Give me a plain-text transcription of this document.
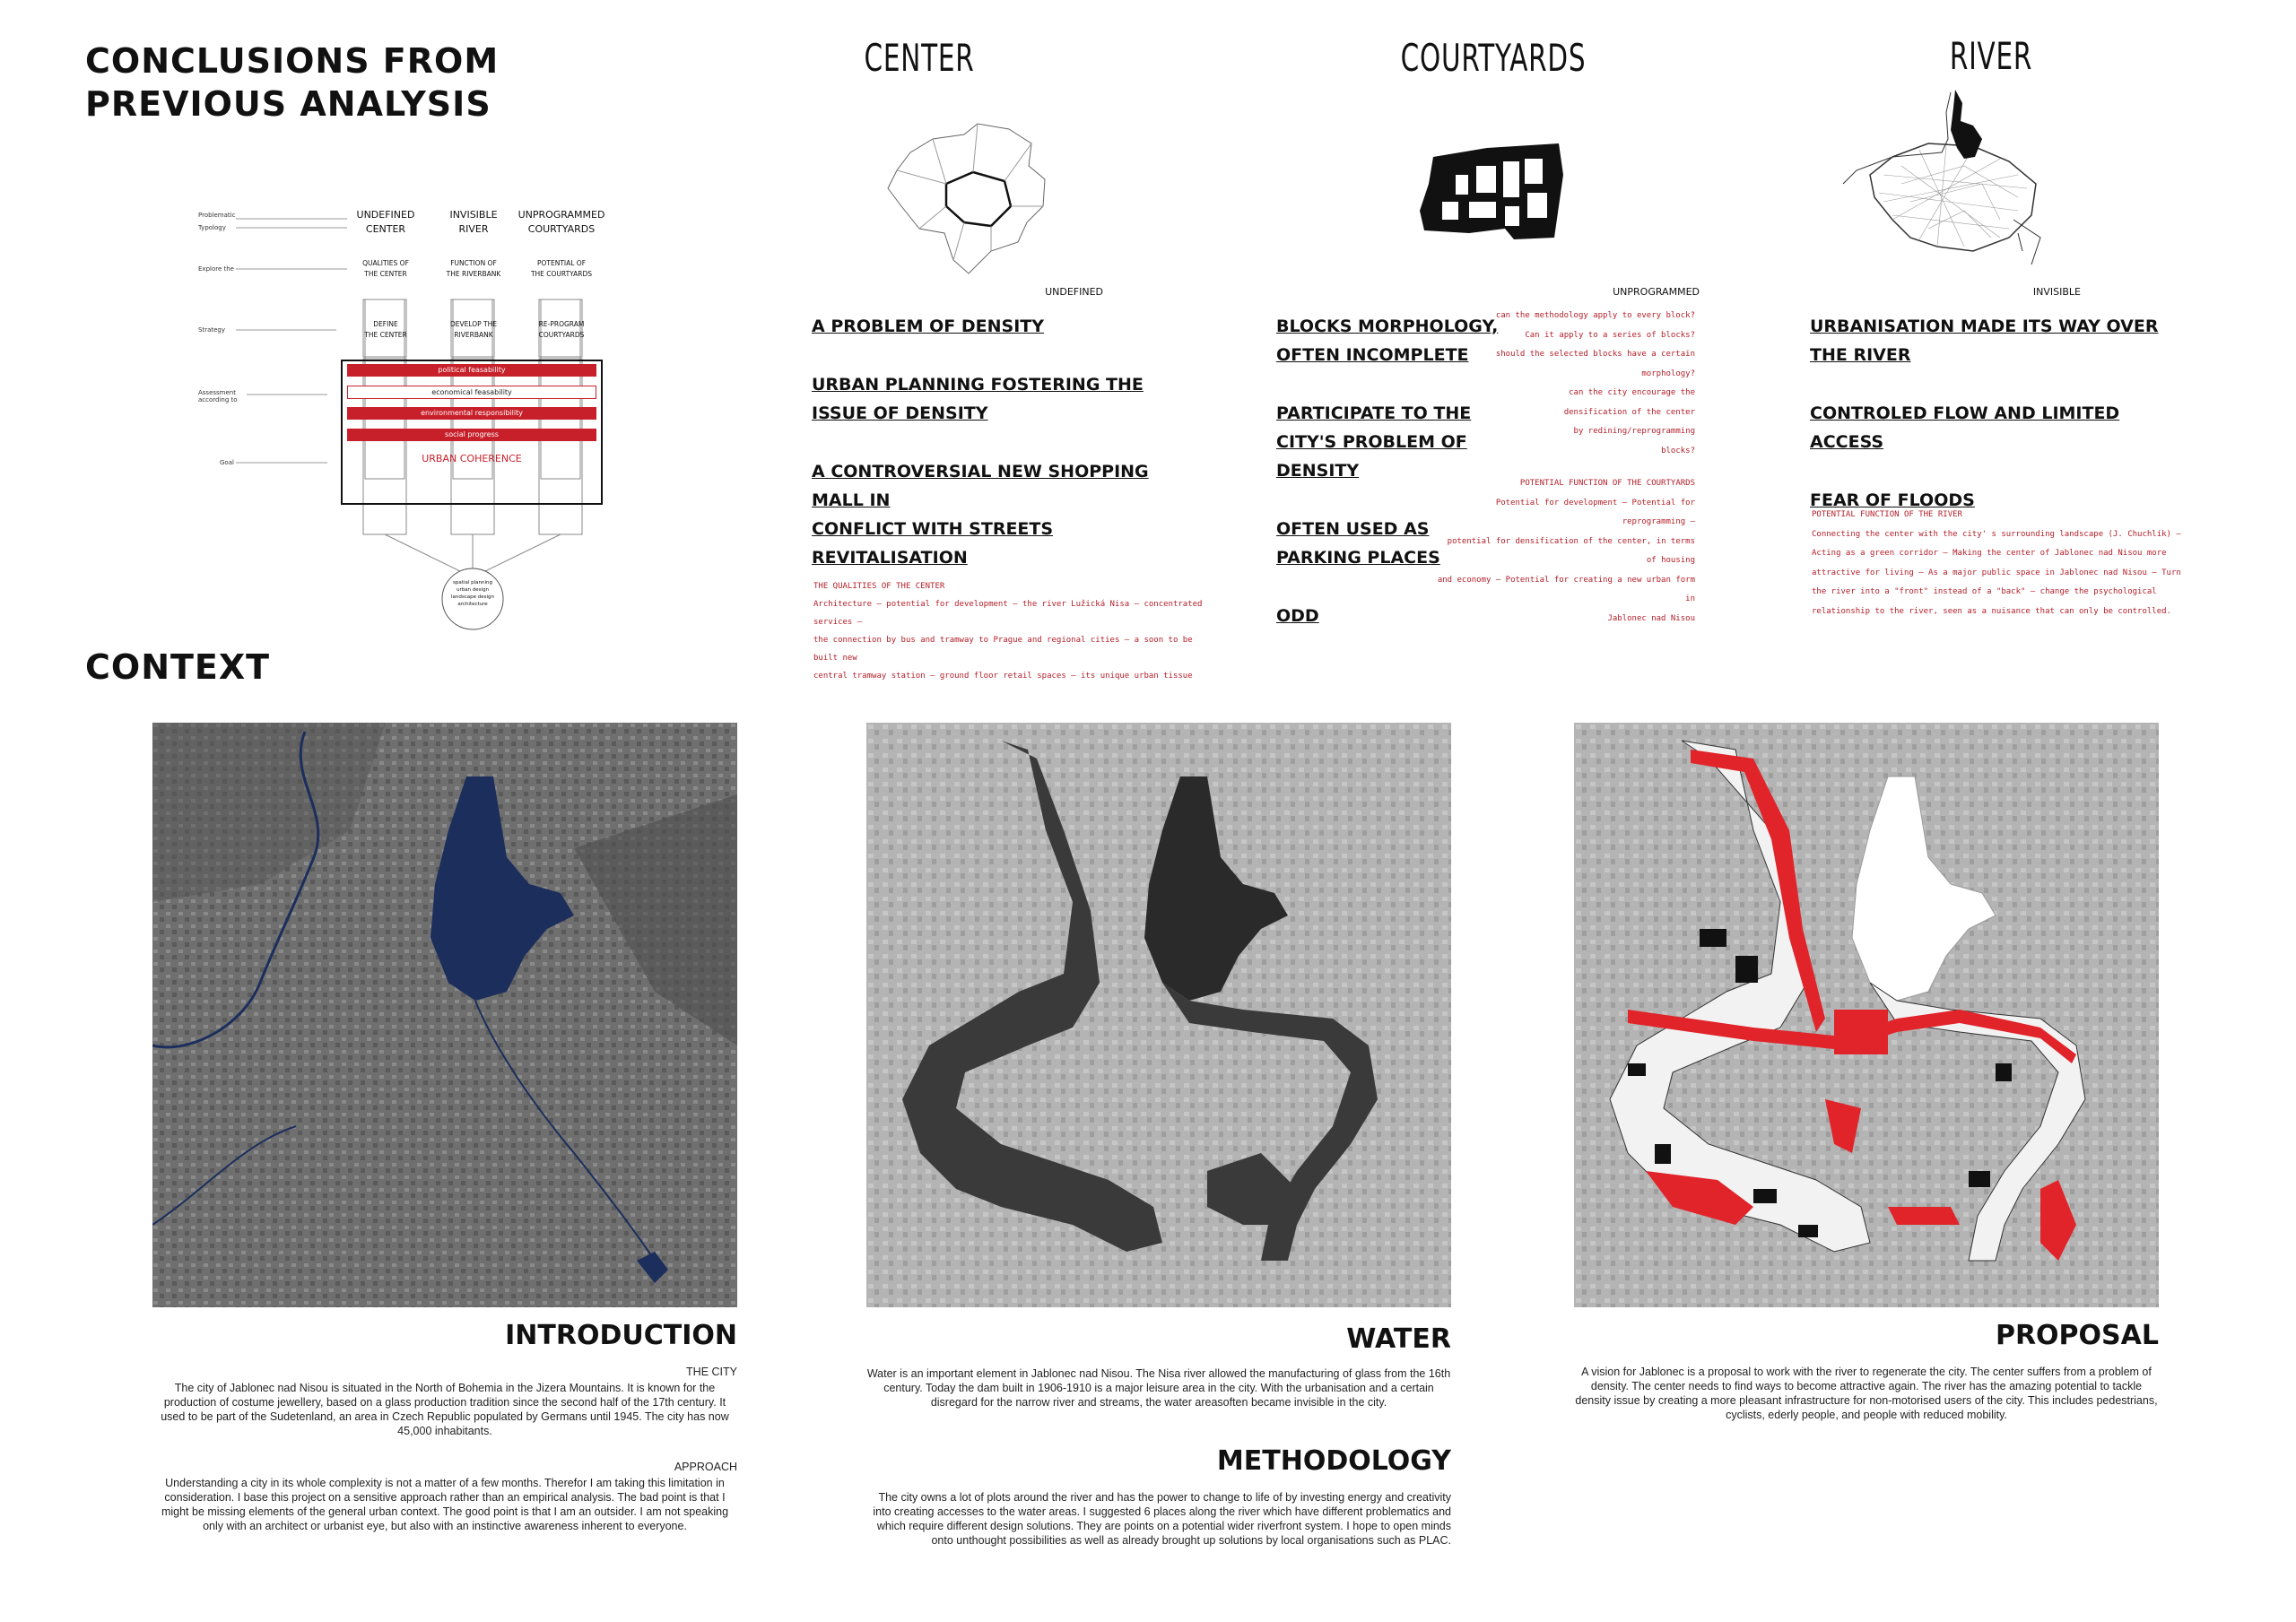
CONCLUSIONS FROM
PREVIOUS ANALYSIS
Problematic
Typology
Explore the
Strategy
Assessment according to
Goal
UNDEFINED
CENTER
INVISIBLE
RIVER
UNPROGRAMMED
COURTYARDS
QUALITIES OF
THE CENTER
FUNCTION OF
THE RIVERBANK
POTENTIAL OF
THE COURTYARDS
DEFINE
THE CENTER
DEVELOP THE
RIVERBANK
RE-PROGRAM
COURTYARDS
political feasability
economical feasability
environmental responsibility
social progress
URBAN COHERENCE
spatial planning
urban design
landscape design
architecture
CENTER
UNDEFINED
A PROBLEM OF DENSITY
URBAN PLANNING FOSTERING THE ISSUE OF DENSITY
A CONTROVERSIAL NEW SHOPPING MALL IN
CONFLICT WITH STREETS REVITALISATION
THE QUALITIES OF THE CENTER
Architecture – potential for development – the river Lužická Nisa – concentrated services –
the connection by bus and tramway to Prague and regional cities – a soon to be built new
central tramway station – ground floor retail spaces – its unique urban tissue
COURTYARDS
UNPROGRAMMED
BLOCKS MORPHOLOGY, OFTEN INCOMPLETE
PARTICIPATE TO THE CITY'S PROBLEM OF DENSITY
OFTEN USED AS PARKING PLACES
ODD
can the methodology apply to every block?
Can it apply to a series of blocks?
should the selected blocks have a certain
morphology?
can the city encourage the
densification of the center
by redining/reprogramming
blocks?
POTENTIAL FUNCTION OF THE COURTYARDS
Potential for development – Potential for reprogramming –
potential for densification of the center, in terms of housing
and economy – Potential for creating a new urban form in
Jablonec nad Nisou
RIVER
INVISIBLE
URBANISATION MADE ITS WAY OVER THE RIVER
CONTROLED FLOW AND LIMITED ACCESS
FEAR OF FLOODS
POTENTIAL FUNCTION OF THE RIVER
Connecting the center with the city' s surrounding landscape (J. Chuchlík) –
Acting as a green corridor – Making the center of Jablonec nad Nisou more
attractive for living – As a major public space in Jablonec nad Nisou – Turn
the river into a "front" instead of a "back" – change the psychological
relationship to the river, seen as a nuisance that can only be controlled.
CONTEXT
INTRODUCTION
THE CITY
The city of Jablonec nad Nisou is situated in the North of Bohemia in the Jizera Mountains. It is known for the production of costume jewellery, based on a glass production tradition since the second half of the 17th century. It used to be part of the Sudetenland, an area in Czech Republic populated by Germans until 1945. The city has now 45,000 inhabitants.
APPROACH
Understanding a city in its whole complexity is not a matter of a few months. Therefor I am taking this limitation in consideration. I base this project on a sensitive approach rather than an empirical analysis. The bad point is that I might be missing elements of the general urban context. The good point is that I am an outsider. I am not speaking only with an architect or urbanist eye, but also with an instinctive awareness inherent to everyone.
WATER
Water is an important element in Jablonec nad Nisou. The Nisa river allowed the manufacturing of glass from the 16th century. Today the dam built in 1906-1910 is a major leisure area in the city. With the urbanisation and a certain disregard for the narrow river and streams, the water areasoften became invisible in the city.
METHODOLOGY
The city owns a lot of plots around the river and has the power to change to life of by investing energy and creativity into creating accesses to the water areas. I suggested 6 places along the river which have different problematics and which require different design solutions. They are points on a potential wider riverfront system. I hope to open minds onto unthought possibilities as well as already brought up solutions by local organisations such as PLAC.
PROPOSAL
A vision for Jablonec is a proposal to work with the river to regenerate the city. The center suffers from a problem of density. The center needs to find ways to become attractive again. The river has the amazing potential to tackle density issue by creating a more pleasant infrastructure for non-motorised users of the city. This includes pedestrians, cyclists, ederly people, and people with reduced mobility.
